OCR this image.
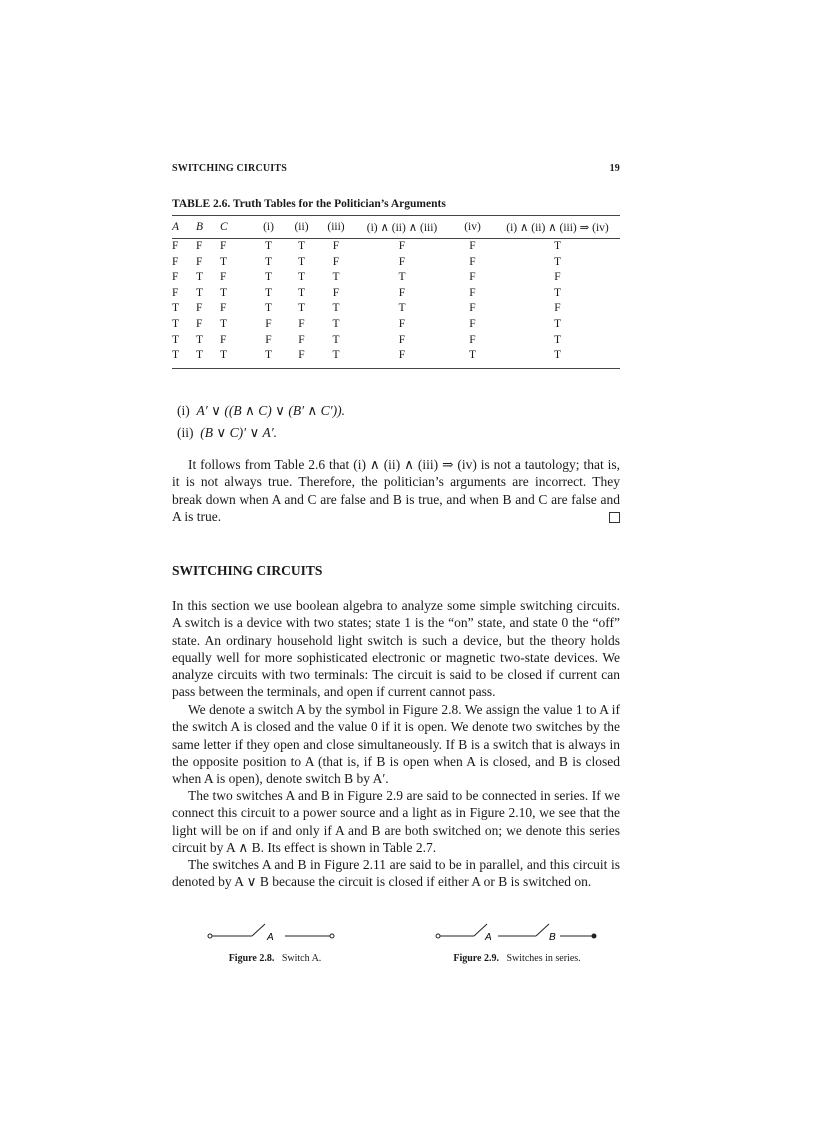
SWITCHING CIRCUITS	19
TABLE 2.6. Truth Tables for the Politician’s Arguments
A	B	C	(i)	(ii)	(iii)	(i) ∧ (ii) ∧ (iii)	(iv)	(i) ∧ (ii) ∧ (iii) ⇒ (iv)
F	F	F	T	T	F	F	F	T
F	F	T	T	T	F	F	F	T
F	T	F	T	T	T	T	F	F
F	T	T	T	T	F	F	F	T
T	F	F	T	T	T	T	F	F
T	F	T	F	F	T	F	F	T
T	T	F	F	F	T	F	F	T
T	T	T	T	F	T	F	T	T
(i) A′ ∨ ((B ∧ C) ∨ (B′ ∧ C′)).
(ii) (B ∨ C)′ ∨ A′.

It follows from Table 2.6 that (i) ∧ (ii) ∧ (iii) ⇒ (iv) is not a tautology; that is, it is not always true. Therefore, the politician’s arguments are incorrect. They break down when A and C are false and B is true, and when B and C are false and A is true.

SWITCHING CIRCUITS

In this section we use boolean algebra to analyze some simple switching circuits. A switch is a device with two states; state 1 is the “on” state, and state 0 the “off” state. An ordinary household light switch is such a device, but the theory holds equally well for more sophisticated electronic or magnetic two-state devices. We analyze circuits with two terminals: The circuit is said to be closed if current can pass between the terminals, and open if current cannot pass.

We denote a switch A by the symbol in Figure 2.8. We assign the value 1 to A if the switch A is closed and the value 0 if it is open. We denote two switches by the same letter if they open and close simultaneously. If B is a switch that is always in the opposite position to A (that is, if B is open when A is closed, and B is closed when A is open), denote switch B by A′.

The two switches A and B in Figure 2.9 are said to be connected in series. If we connect this circuit to a power source and a light as in Figure 2.10, we see that the light will be on if and only if A and B are both switched on; we denote this series circuit by A ∧ B. Its effect is shown in Table 2.7.

The switches A and B in Figure 2.11 are said to be in parallel, and this circuit is denoted by A ∨ B because the circuit is closed if either A or B is switched on.

A
Figure 2.8. Switch A.
A	B
Figure 2.9. Switches in series.
